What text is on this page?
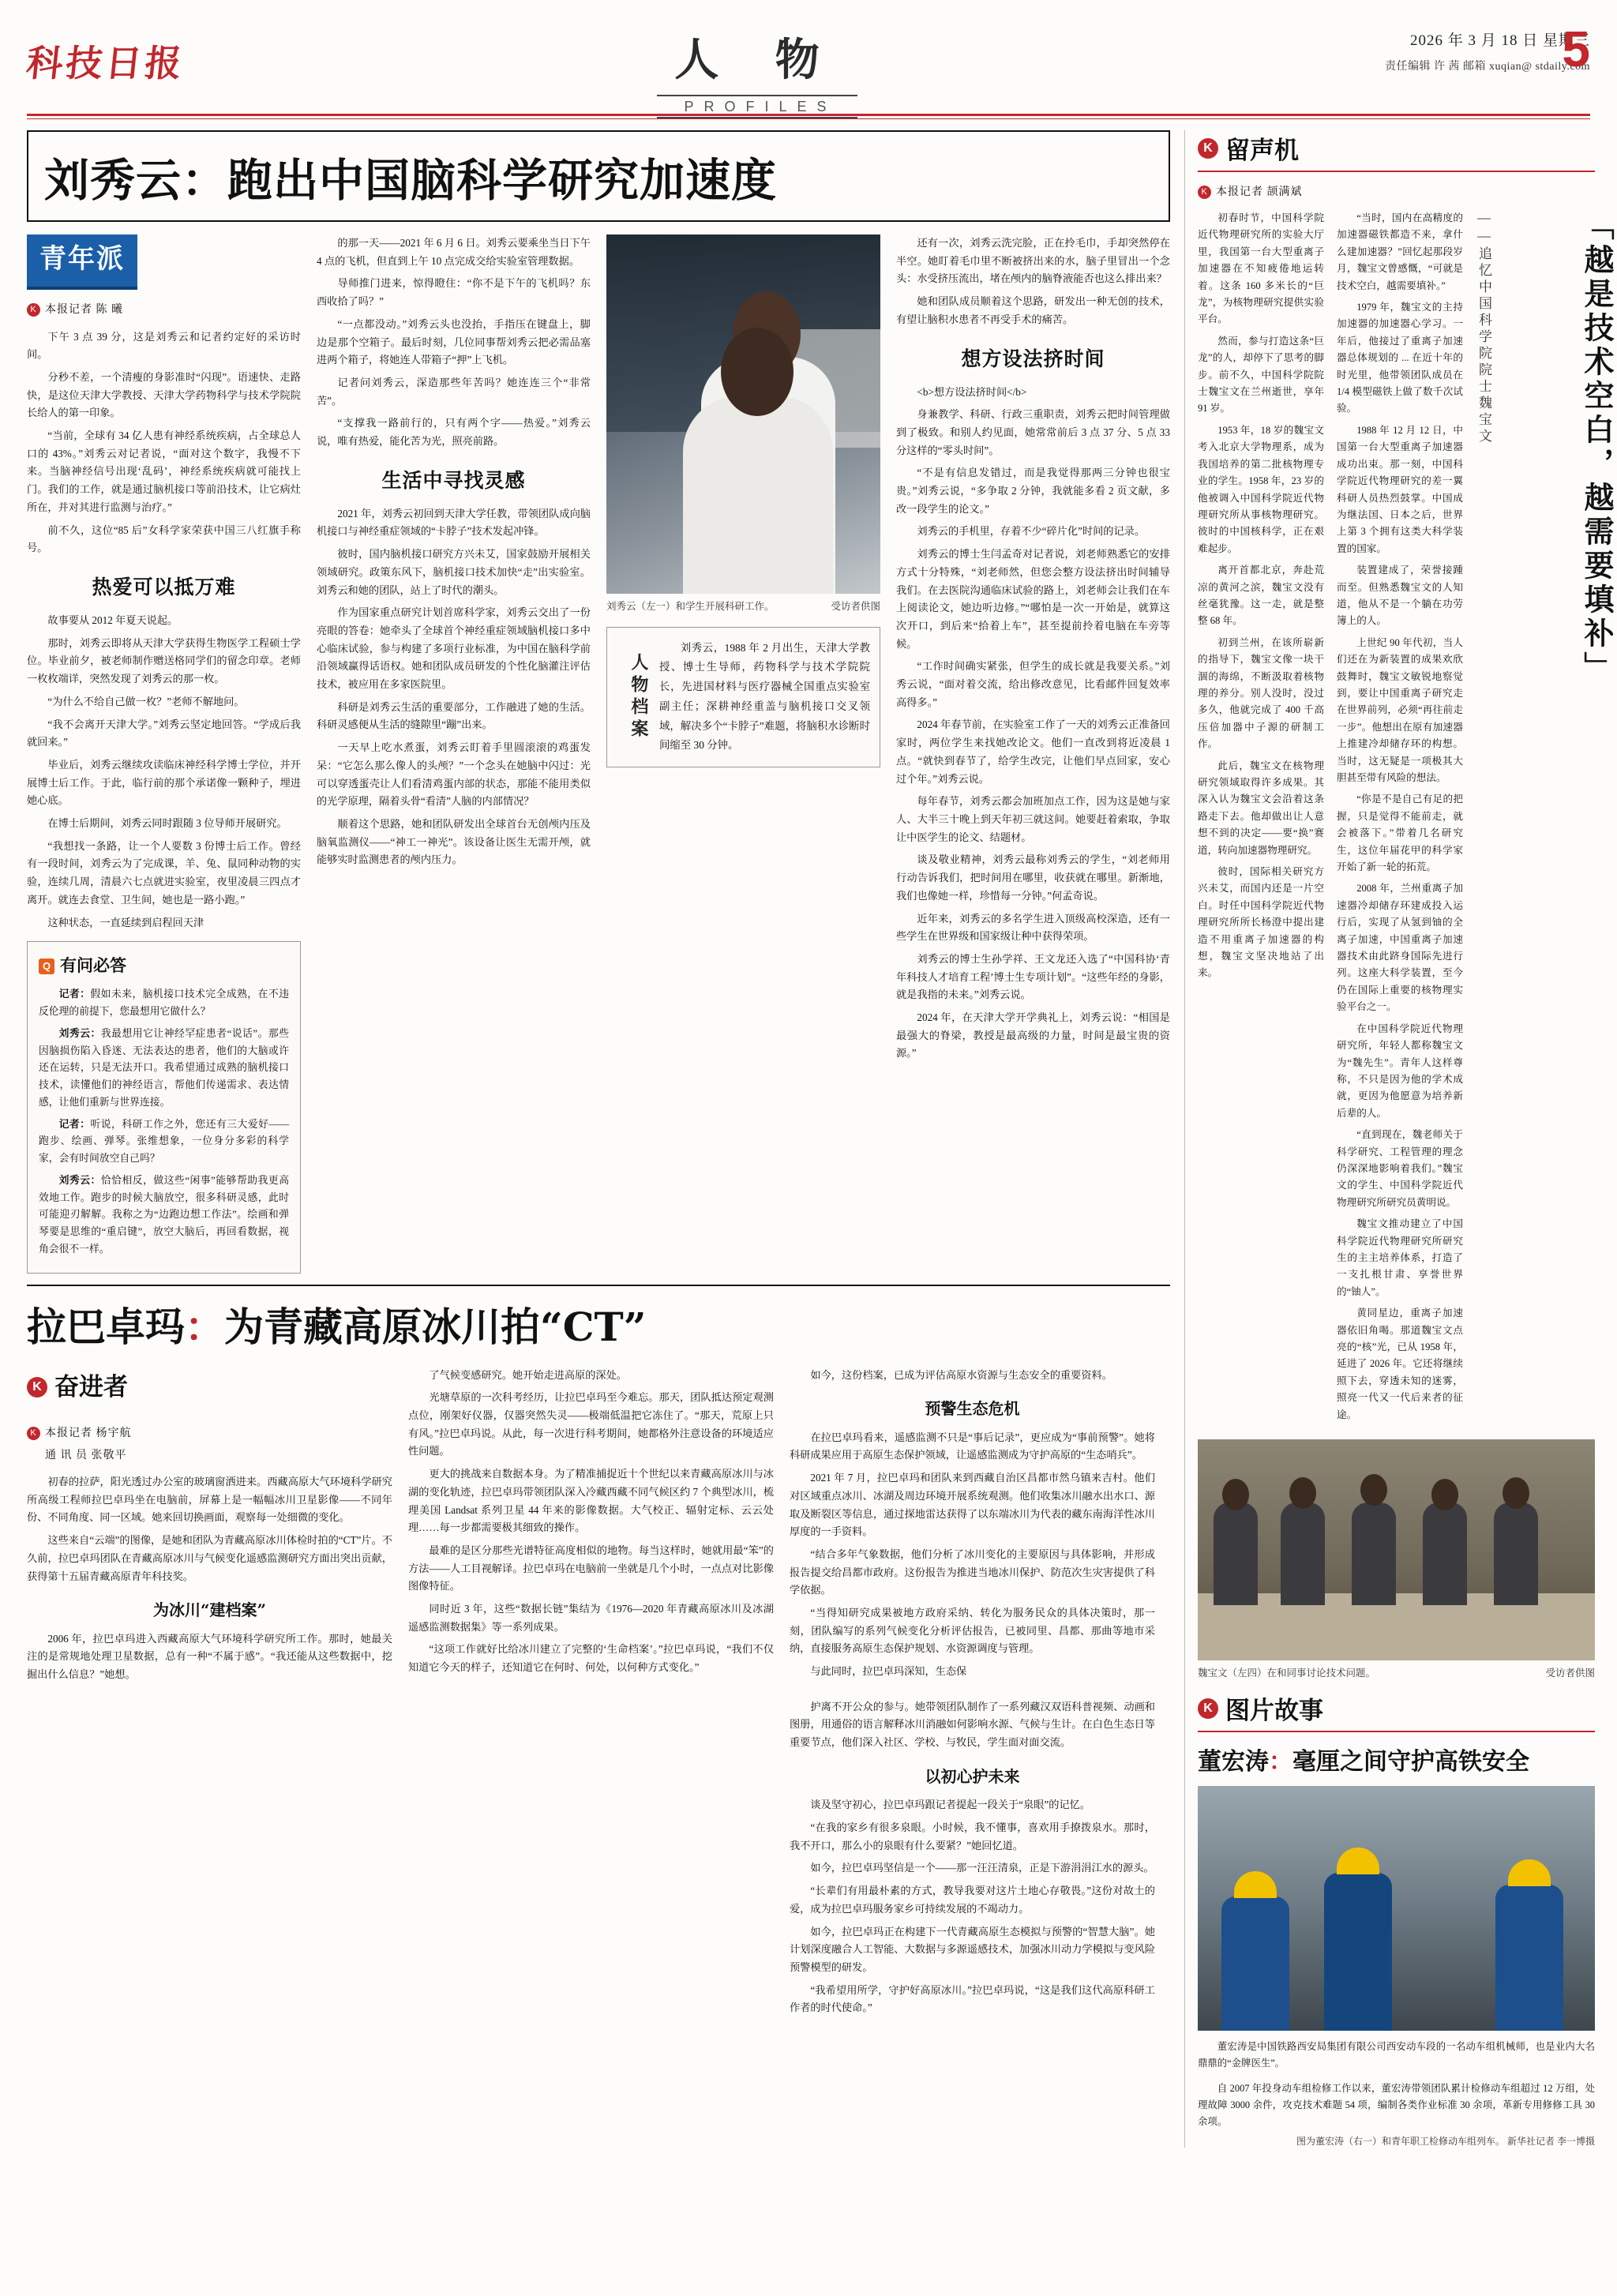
科技日报	人 物
PROFILES
2026 年 3 月 18 日 星期三
责任编辑 许 茜 邮箱 xuqian@ stdaily.com
5
刘秀云：跑出中国脑科学研究加速度
青年派
K 本报记者 陈 曦

下午 3 点 39 分，这是刘秀云和记者约定好的采访时间。

分秒不差，一个清瘦的身影准时“闪现”。语速快、走路快，是这位天津大学教授、天津大学药物科学与技术学院院长给人的第一印象。

“当前，全球有 34 亿人患有神经系统疾病，占全球总人口的 43%。”刘秀云对记者说，“面对这个数字，我慢不下来。当脑神经信号出现‘乱码’，神经系统疾病就可能找上门。我们的工作，就是通过脑机接口等前沿技术，让它病灶所在，并对其进行监测与治疗。”

前不久，这位“85 后”女科学家荣获中国三八红旗手称号。

热爱可以抵万难

故事要从 2012 年夏天说起。

那时，刘秀云即将从天津大学获得生物医学工程硕士学位。毕业前夕，被老师制作赠送格同学们的留念印章。老师一枚枚端详，突然发现了刘秀云的那一枚。

“为什么不给自己做一枚？”老师不解地问。

“我不会离开天津大学。”刘秀云坚定地回答。“学成后我就回来。”

毕业后，刘秀云继续攻读临床神经科学博士学位，并开展博士后工作。于此，临行前的那个承诺像一颗种子，埋进她心底。

在博士后期间，刘秀云同时跟随 3 位导师开展研究。

“我想找一条路，让一个人要数 3 份博士后工作。曾经有一段时间，刘秀云为了完成课，羊、兔、鼠同种动物的实验，连续几周，清晨六七点就进实验室，夜里凌晨三四点才离开。就连去食堂、卫生间，她也是一路小跑。”

这种状态，一直延续到启程回天津

Q 有问必答

记者：假如未来，脑机接口技术完全成熟，在不违反伦理的前提下，您最想用它做什么？

刘秀云：我最想用它让神经罕症患者“说话”。那些因脑损伤陷入昏迷、无法表达的患者，他们的大脑或许还在运转，只是无法开口。我希望通过成熟的脑机接口技术，读懂他们的神经语言，帮他们传递需求、表达情感，让他们重新与世界连接。

记者：听说，科研工作之外，您还有三大爱好——跑步、绘画、弹琴。张维想象，一位身分多彩的科学家，会有时间放空自己吗？

刘秀云：恰恰相反，做这些“闲事”能够帮助我更高效地工作。跑步的时候大脑放空，很多科研灵感，此时可能迎刃解解。我称之为“边跑边想工作法”。绘画和弹琴要是思维的“重启键”，放空大脑后，再回看数据，视角会很不一样。

的那一天——2021 年 6 月 6 日。刘秀云要乘坐当日下午 4 点的飞机，但直到上午 10 点完成交给实验室管理数据。

导师推门进来，惊得瞪住：“你不是下午的飞机吗？东西收拾了吗？”

“一点都没动。”刘秀云头也没抬，手指压在键盘上，脚边是那个空箱子。最后时刻，几位同事帮刘秀云把必需品塞进两个箱子，将她连人带箱子“押”上飞机。

记者问刘秀云，深造那些年苦吗？她连连三个“非常苦”。

“支撑我一路前行的，只有两个字——热爱。”刘秀云说，唯有热爱，能化苦为光，照亮前路。

生活中寻找灵感

2021 年，刘秀云初回到天津大学任教，带领团队成向脑机接口与神经重症领域的“卡脖子”技术发起冲锋。

彼时，国内脑机接口研究方兴未艾，国家鼓励开展相关领域研究。政策东风下，脑机接口技术加快“走”出实验室。刘秀云和她的团队，站上了时代的潮头。

作为国家重点研究计划首席科学家，刘秀云交出了一份亮眼的答卷：她牵头了全球首个神经重症领域脑机接口多中心临床试验，参与构建了多项行业标准，为中国在脑科学前沿领域赢得话语权。她和团队成员研发的个性化脑灌注评估技术，被应用在多家医院里。

科研是刘秀云生活的重要部分，工作融进了她的生活。科研灵感便从生活的缝隙里“蹦”出来。

一天早上吃水煮蛋，刘秀云盯着手里圆滚滚的鸡蛋发呆：“它怎么那么像人的头颅？”一个念头在她脑中闪过：光可以穿透蛋壳让人们看清鸡蛋内部的状态，那能不能用类似的光学原理，隔着头骨“看清”人脑的内部情况？

顺着这个思路，她和团队研发出全球首台无创颅内压及脑氧监测仪——“神工一神光”。该设备让医生无需开颅，就能够实时监测患者的颅内压力。

刘秀云（左一）和学生开展科研工作。	受访者供图
人物档案
刘秀云，1988 年 2 月出生，天津大学教授、博士生导师，药物科学与技术学院院长，先进国材料与医疗器械全国重点实验室副主任；深耕神经重盖与脑机接口交叉领域，解决多个“卡脖子”难题，将脑积水诊断时间缩至 30 分钟。

还有一次，刘秀云洗完脸，正在拎毛巾，手却突然停在半空。她盯着毛巾里不断被挤出来的水，脑子里冒出一个念头：水受挤压流出，堵在颅内的脑脊液能否也这么排出来？

她和团队成员顺着这个思路，研发出一种无创的技术，有望让脑积水患者不再受手术的痛苦。

想方设法挤时间

<b>想方设法挤时间</b>

身兼教学、科研、行政三重职责，刘秀云把时间管理做到了极致。和别人约见面，她常常前后 3 点 37 分、5 点 33 分这样的“零头时间”。

“不是有信息发错过，而是我觉得那两三分钟也很宝贵。”刘秀云说，“多争取 2 分钟，我就能多看 2 页文献，多改一段学生的论文。”

刘秀云的手机里，存着不少“碎片化”时间的记录。

刘秀云的博士生闫孟奇对记者说，刘老师熟悉它的安排方式十分特殊，“刘老师然，但您会整方设法挤出时间辅导我们。在去医院沟通临床试验的路上，刘老师会让我们在车上阅读论文，她边听边修。”“哪怕是一次一开始是，就算这次开口，到后来“拾着上车”，甚至提前拎着电脑在车旁等候。

“工作时间确实紧张，但学生的成长就是我要关系。”刘秀云说，“面对着交流，给出修改意见，比看邮件回复效率高得多。”

2024 年春节前，在实验室工作了一天的刘秀云正准备回家时，两位学生来找她改论文。他们一直改到将近凌晨 1 点。“就快到春节了，给学生改完，让他们早点回家，安心过个年。”刘秀云说。

每年春节，刘秀云都会加班加点工作，因为这是她与家人、大半三十晚上到天年初三就这间。她要赶着索取，争取让中医学生的论文、结题材。

谈及敬业精神，刘秀云最称刘秀云的学生，“刘老师用行动告诉我们，把时间用在哪里，收获就在哪里。新渐地，我们也像她一样，珍惜每一分钟。”何孟奇说。

近年来，刘秀云的多名学生进入顶级高校深造，还有一些学生在世界级和国家级让种中获得荣项。

刘秀云的博士生孙学祥、王文龙还入选了“中国科协‘青年科技人才培育工程’博士生专项计划”。“这些年经的身影，就是我指的未来。”刘秀云说。

2024 年，在天津大学开学典礼上，刘秀云说：“相国是最强大的脊梁，教授是最高级的力量，时间是最宝贵的资源。”

拉巴卓玛：为青藏高原冰川拍“CT”
K 奋进者
K 本报记者 杨宇航
通 讯 员 张敬平

初春的拉萨，阳光透过办公室的玻璃窗洒进来。西藏高原大气环境科学研究所高级工程师拉巴卓玛坐在电脑前，屏幕上是一幅幅冰川卫星影像——不同年份、不同角度、同一区域。她来回切换画面，观察每一处细微的变化。

这些来自“云端”的图像，是她和团队为青藏高原冰川体检时拍的“CT”片。不久前，拉巴卓玛团队在青藏高原冰川与气候变化遥感监测研究方面出突出贡献，获得第十五届青藏高原青年科技奖。

为冰川“建档案”

2006 年，拉巴卓玛进入西藏高原大气环境科学研究所工作。那时，她最关注的是常规地处理卫星数据，总有一种“不属于感”。“我还能从这些数据中，挖掘出什么信息？”她想。

了气候变感研究。她开始走进高原的深处。

光塘草原的一次科考经历，让拉巴卓玛至今难忘。那天，团队抵达预定观测点位，刚架好仪器，仅器突然失灵——极端低温把它冻住了。“那天，荒原上只有风。”拉巴卓玛说。从此，每一次进行科考期间，她都格外注意设备的环境适应性问题。

更大的挑战来自数据本身。为了精准捕捉近十个世纪以来青藏高原冰川与冰湖的变化轨迹，拉巴卓玛带领团队深入冷藏西藏不同气候区约 7 个典型冰川，梳理美国 Landsat 系列卫星 44 年来的影像数据。大气校正、辐射定标、云云处理……每一步都需要极其细致的操作。

最难的是区分那些光谱特征高度相似的地物。每当这样时，她就用最“笨”的方法——人工目视解译。拉巴卓玛在电脑前一坐就是几个小时，一点点对比影像图像特征。

同时近 3 年，这些“数据长链”集结为《1976—2020 年青藏高原冰川及冰湖遥感监测数据集》等一系列成果。

“这项工作就好比给冰川建立了完整的‘生命档案’。”拉巴卓玛说，“我们不仅知道它今天的样子，还知道它在何时、何处，以何种方式变化。”

如今，这份档案，已成为评估高原水资源与生态安全的重要资料。

预警生态危机

在拉巴卓玛看来，遥感监测不只是“事后记录”，更应成为“事前预警”。她将科研成果应用于高原生态保护领域，让遥感监测成为守护高原的“生态哨兵”。

2021 年 7 月，拉巴卓玛和团队来到西藏自治区昌都市然乌镇来吉村。他们对区域重点冰川、冰湖及周边环境开展系统观测。他们收集冰川融水出水口、源取及断裂区等信息，通过探地雷达获得了以东端冰川为代表的藏东南海洋性冰川厚度的一手资料。

“结合多年气象数据，他们分析了冰川变化的主要原因与具体影响，并形成报告提交给昌都市政府。这份报告为推进当地冰川保护、防范次生灾害提供了科学依据。

“当得知研究成果被地方政府采纳、转化为服务民众的具体决策时，那一刻，团队编写的系列气候变化分析评估报告，已被同里、昌都、那曲等地市采纳，直接服务高原生态保护规划、水资源调度与管理。

与此同时，拉巴卓玛深知，生态保

护离不开公众的参与。她带领团队制作了一系列藏汉双语科普视频、动画和图册，用通俗的语言解释冰川消融如何影响水源、气候与生计。在白色生态日等重要节点，他们深入社区、学校、与牧民，学生面对面交流。

以初心护未来

谈及坚守初心，拉巴卓玛跟记者提起一段关于“泉眼”的记忆。

“在我的家乡有很多泉眼。小时候，我不懂事，喜欢用手撩拨泉水。那时，我不开口，那么小的泉眼有什么要紧？”她回忆道。

如今，拉巴卓玛坚信是一个——那一汪汪清泉，正是下游涓涓江水的源头。

“长辈们有用最朴素的方式，教导我要对这片土地心存敬畏。”这份对故土的爱，成为拉巴卓玛服务家乡可持续发展的不竭动力。

如今，拉巴卓玛正在构建下一代青藏高原生态模拟与预警的“智慧大脑”。她计划深度融合人工智能、大数据与多源遥感技术，加强冰川动力学模拟与变风险预警模型的研发。

“我希望用所学，守护好高原冰川。”拉巴卓玛说，“这是我们这代高原科研工作者的时代使命。”

K 留声机
K 本报记者 颉满斌

初春时节，中国科学院近代物理研究所的实验大厅里，我国第一台大型重离子加速器在不知疲倦地运转着。这条 160 多米长的“巨龙”，为核物理研究提供实验平台。

然而，参与打造这条“巨龙”的人，却停下了思考的脚步。前不久，中国科学院院士魏宝文在兰州逝世，享年 91 岁。

1953 年，18 岁的魏宝文考入北京大学物理系，成为我国培养的第二批核物理专业的学生。1958 年，23 岁的他被调入中国科学院近代物理研究所从事核物理研究。彼时的中国核科学，正在艰难起步。

离开首都北京，奔赴荒凉的黄河之滨，魏宝文没有丝毫犹豫。这一走，就是整整 68 年。

初到兰州，在该所崭新的指导下，魏宝文像一块干涸的海绵，不断汲取着核物理的养分。别人没时，没过多久，他就完成了 400 千高压倍加器中子源的研制工作。

此后，魏宝文在核物理研究领域取得许多成果。其深入认为魏宝文会沿着这条路走下去。他却做出让人意想不到的决定——要“换”赛道，转向加速器物理研究。

彼时，国际相关研究方兴未艾，而国内还是一片空白。时任中国科学院近代物理研究所所长杨澄中提出建造不用重离子加速器的构想，魏宝文坚决地站了出来。

“当时，国内在高精度的加速器磁铁都造不来，拿什么建加速器？”回忆起那段岁月，魏宝文曾感慨，“可就是技术空白，越需要填补。”

1979 年，魏宝文的主持加速器的加速器心学习。一年后，他接过了重离子加速器总体规划的 ... 在近十年的时光里，他带领团队成员在 1/4 模型磁铁上做了数千次试验。

1988 年 12 月 12 日，中国第一台大型重离子加速器成功出束。那一刻，中国科学院近代物理研究的差一翼科研人员热烈鼓掌。中国成为继法国、日本之后，世界上第 3 个拥有这类大科学装置的国家。

装置建成了，荣誉接踵而至。但熟悉魏宝文的人知道，他从不是一个躺在功劳簿上的人。

上世纪 90 年代初，当人们还在为新装置的成果欢欣鼓舞时，魏宝文敏锐地察觉到，要让中国重离子研究走在世界前列，必须“再往前走一步”。他想出在原有加速器上推建冷却储存环的构想。当时，这无疑是一项极其大胆甚至带有风险的想法。

“你是不是自己有足的把握，只是觉得不能前走，就会被落下。”带着几名研究生，这位年届花甲的科学家开始了新一轮的拓荒。

2008 年，兰州重离子加速器冷却储存环建成投入运行后，实现了从氢到铀的全离子加速，中国重离子加速器技术由此跻身国际先进行列。这座大科学装置，至今仍在国际上重要的核物理实验平台之一。

在中国科学院近代物理研究所，年轻人都称魏宝文为“魏先生”。青年人这样尊称，不只是因为他的学术成就，更因为他愿意为培养新后辈的人。

“直到现在，魏老师关于科学研究、工程管理的理念仍深深地影响着我们。”魏宝文的学生、中国科学院近代物理研究所研究员黄明说。

魏宝文推动建立了中国科学院近代物理研究所研究生的主主培养体系，打造了一支扎根甘肃、享誉世界的“铀人”。

黄同星边，重离子加速器依旧角喝。那道魏宝文点亮的“核”光，已从 1958 年，延进了 2026 年。它还将继续照下去，穿透未知的迷雾，照亮一代又一代后来者的征途。

——追忆中国科学院院士魏宝文	「越是技术空白，越需要填补」
魏宝文（左四）在和同事讨论技术问题。	受访者供图
K 图片故事
董宏涛：毫厘之间守护高铁安全
董宏涛是中国铁路西安局集团有限公司西安动车段的一名动车组机械师，也是业内大名鼎鼎的“金牌医生”。
自 2007 年投身动车组检修工作以来，董宏涛带领团队累计检修动车组超过 12 万组，处理故障 3000 余件，攻克技术难题 54 项，编制各类作业标准 30 余项，革新专用修修工具 30 余项。
图为董宏涛（右一）和青年职工检修动车组列车。 新华社记者 李一博摄
